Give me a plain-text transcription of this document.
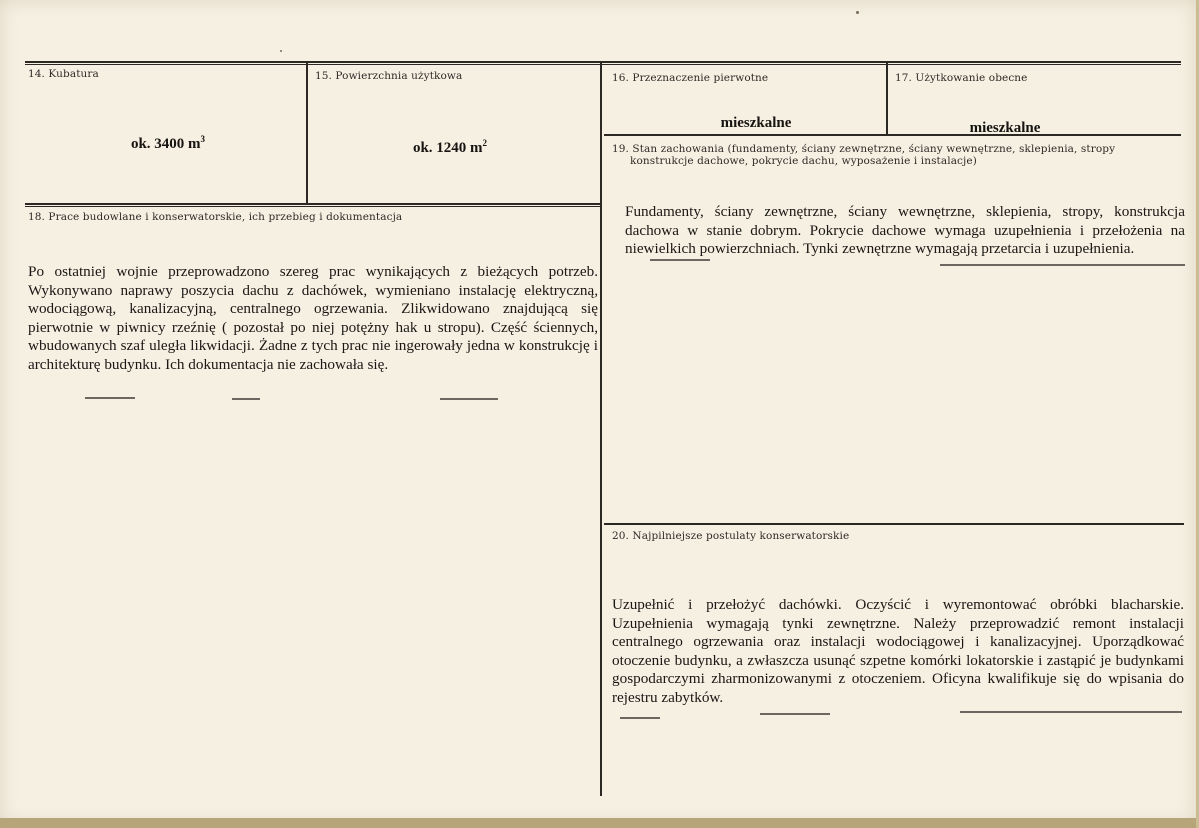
14. Kubatura
ok. 3400 $m^3$
15. Powierzchnia użytkowa
ok. 1240 $m^2$
16. Przeznaczenie pierwotne
mieszkalne
17. Użytkowanie obecne
mieszkalne
18. Prace budowlane i konserwatorskie, ich przebieg i dokumentacja
Po ostatniej wojnie przeprowadzono szereg prac wynikających z bieżących potrzeb. Wykonywano naprawy poszycia dachu z dachówek, wymieniano instalację elektryczną, wodociągową, kanalizacyjną, centralnego ogrzewania. Zlikwidowano znajdującą się pierwotnie w piwnicy rzeźnię ( pozostał po niej potężny hak u stropu). Część ściennych, wbudowanych szaf uległa likwidacji. Żadne z tych prac nie ingerowały jedna w konstrukcję i architekturę budynku. Ich dokumentacja nie zachowała się.
19. Stan zachowania (fundamenty, ściany zewnętrzne, ściany wewnętrzne, sklepienia, stropy
konstrukcje dachowe, pokrycie dachu, wyposażenie i instalacje)
Fundamenty, ściany zewnętrzne, ściany wewnętrzne, sklepienia, stropy, konstrukcja dachowa w stanie dobrym. Pokrycie dachowe wymaga uzupełnienia i przełożenia na niewielkich powierzchniach. Tynki zewnętrzne wymagają przetarcia i uzupełnienia.
20. Najpilniejsze postulaty konserwatorskie
Uzupełnić i przełożyć dachówki. Oczyścić i wyremontować obróbki blacharskie. Uzupełnienia wymagają tynki zewnętrzne. Należy przeprowadzić remont instalacji centralnego ogrzewania oraz instalacji wodociągowej i kanalizacyjnej. Uporządkować otoczenie budynku, a zwłaszcza usunąć szpetne komórki lokatorskie i zastąpić je budynkami gospodarczymi zharmonizowanymi z otoczeniem. Oficyna kwalifikuje się do wpisania do rejestru zabytków.
